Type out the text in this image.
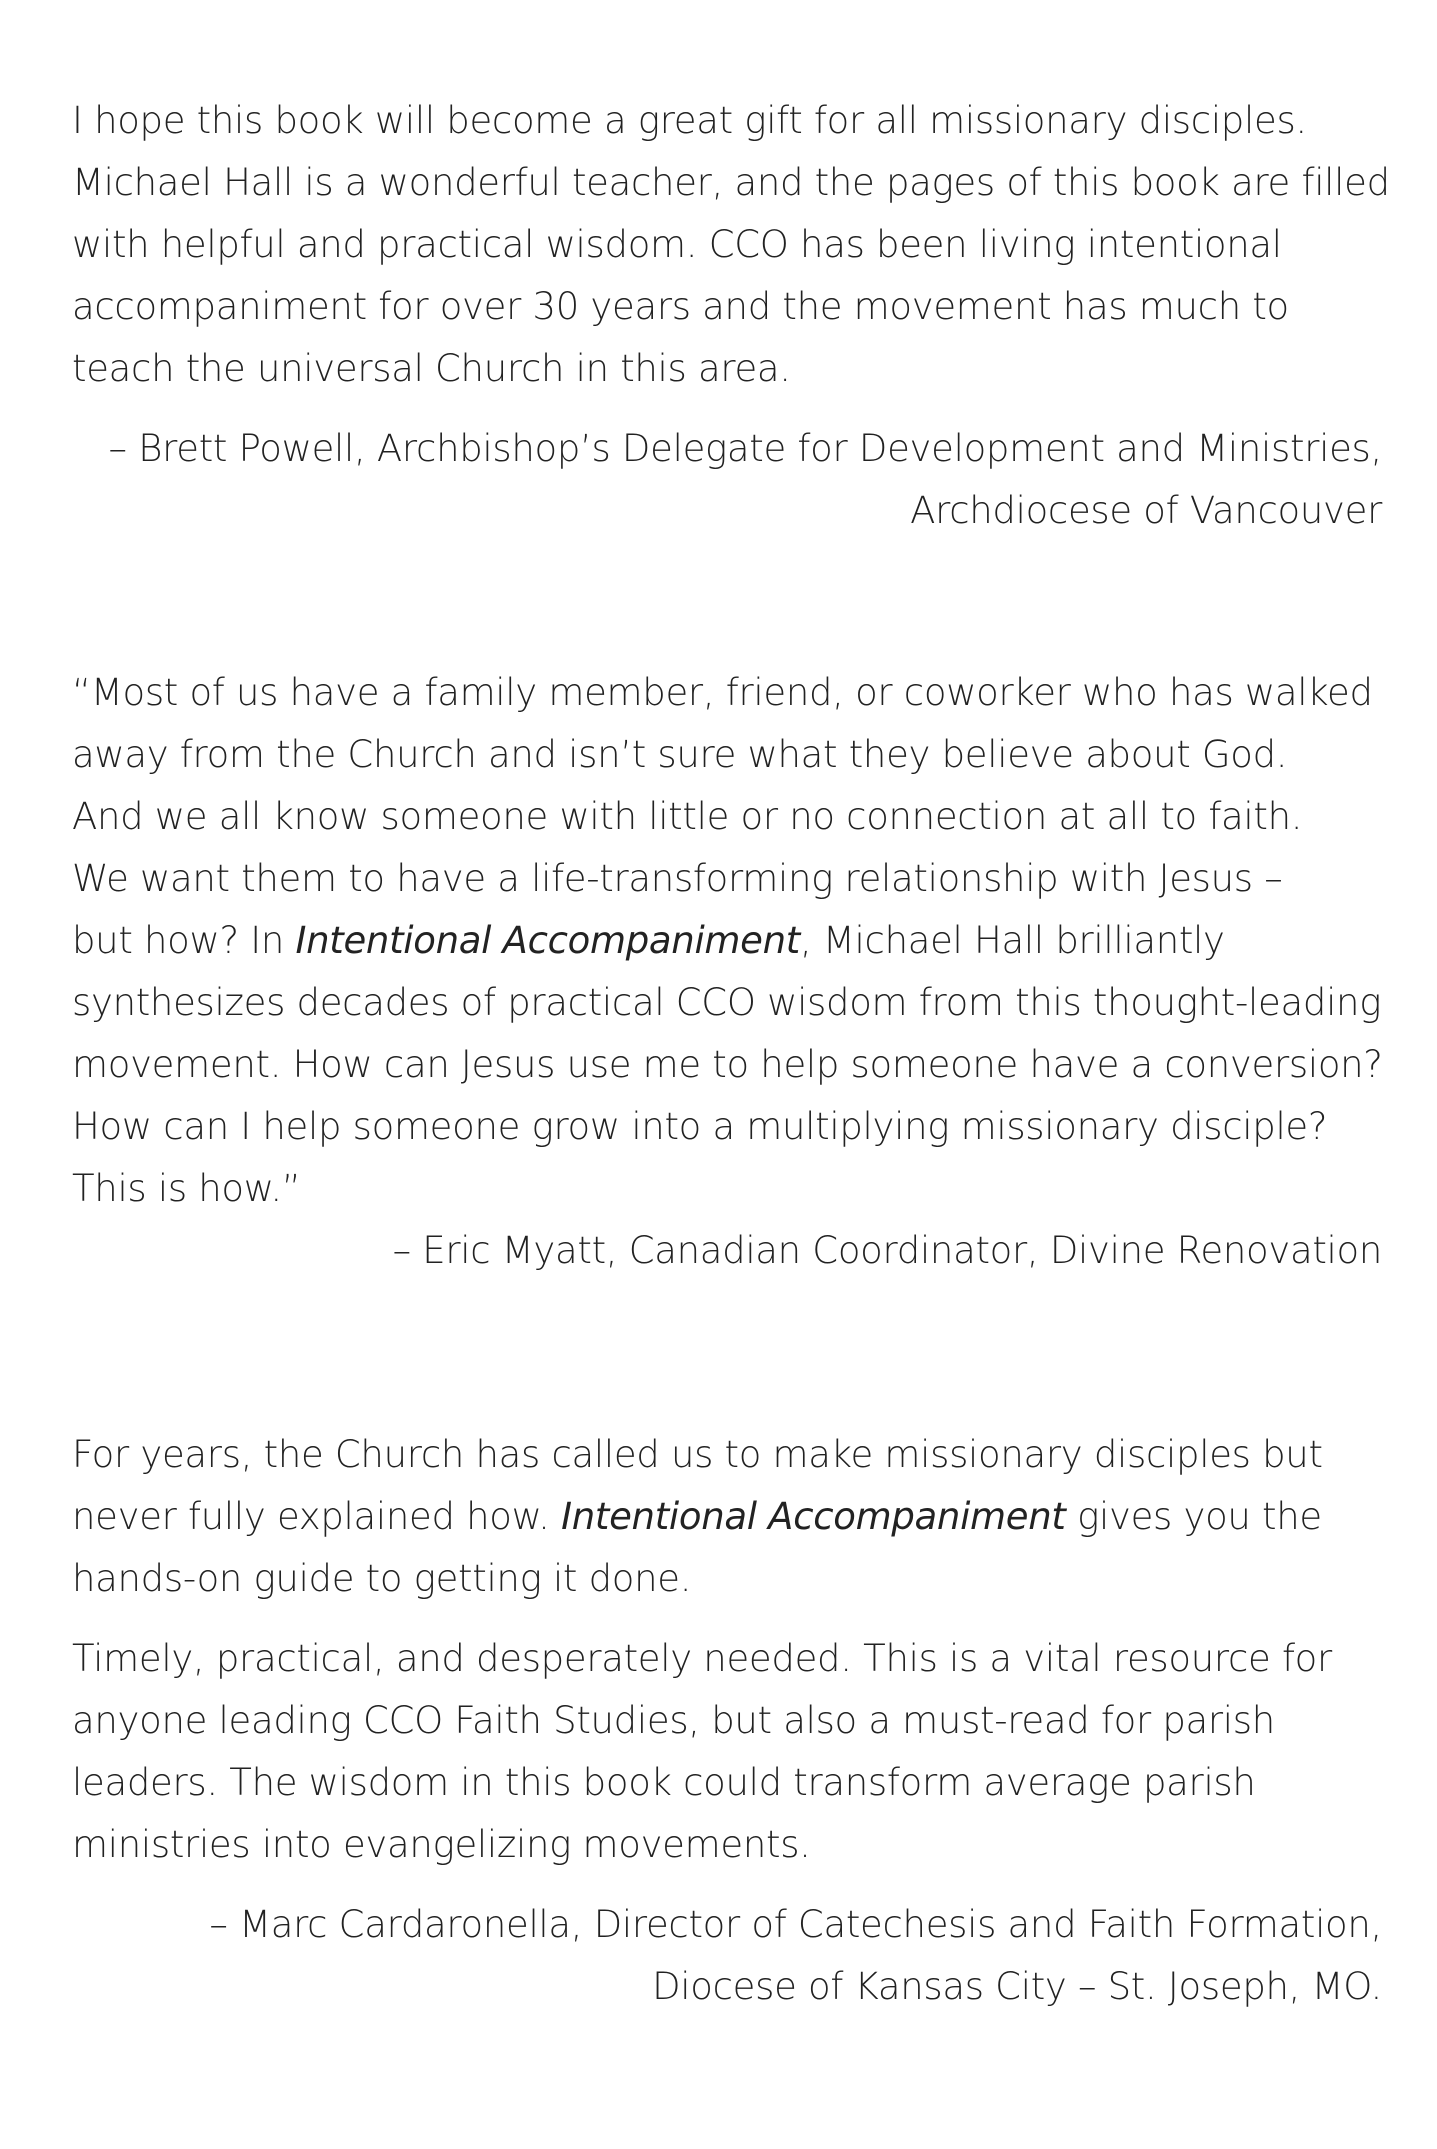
I hope this book will become a great gift for all missionary disciples.
Michael Hall is a wonderful teacher, and the pages of this book are filled
with helpful and practical wisdom. CCO has been living intentional
accompaniment for over 30 years and the movement has much to
teach the universal Church in this area.

– Brett Powell, Archbishop’s Delegate for Development and Ministries,
Archdiocese of Vancouver

“Most of us have a family member, friend, or coworker who has walked
away from the Church and isn’t sure what they believe about God.
And we all know someone with little or no connection at all to faith.
We want them to have a life-transforming relationship with Jesus –
but how? In Intentional Accompaniment, Michael Hall brilliantly
synthesizes decades of practical CCO wisdom from this thought-leading
movement. How can Jesus use me to help someone have a conversion?
How can I help someone grow into a multiplying missionary disciple?
This is how.”

– Eric Myatt, Canadian Coordinator, Divine Renovation

For years, the Church has called us to make missionary disciples but
never fully explained how. Intentional Accompaniment gives you the
hands-on guide to getting it done.

Timely, practical, and desperately needed. This is a vital resource for
anyone leading CCO Faith Studies, but also a must-read for parish
leaders. The wisdom in this book could transform average parish
ministries into evangelizing movements.

– Marc Cardaronella, Director of Catechesis and Faith Formation,
Diocese of Kansas City – St. Joseph, MO.
